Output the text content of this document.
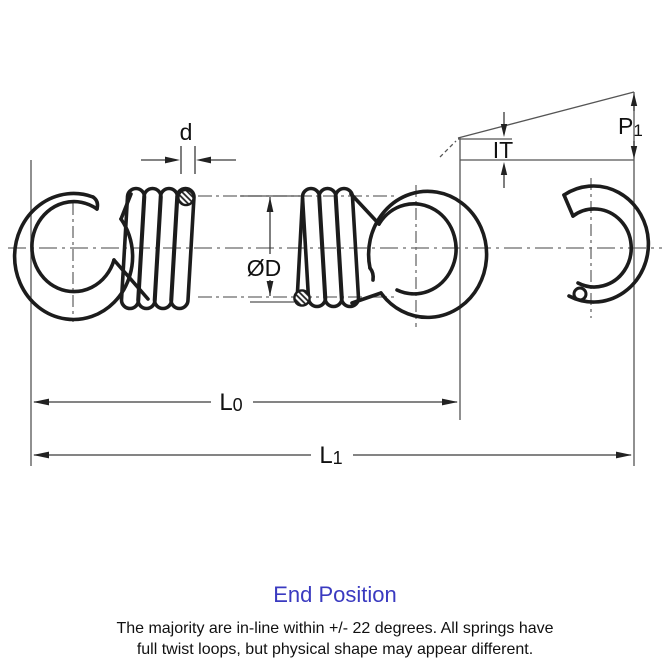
d
ØD
IT
P1
L0
L1

End Position

The majority are in-line within +/- 22 degrees. All springs have

full twist loops, but physical shape may appear different.
